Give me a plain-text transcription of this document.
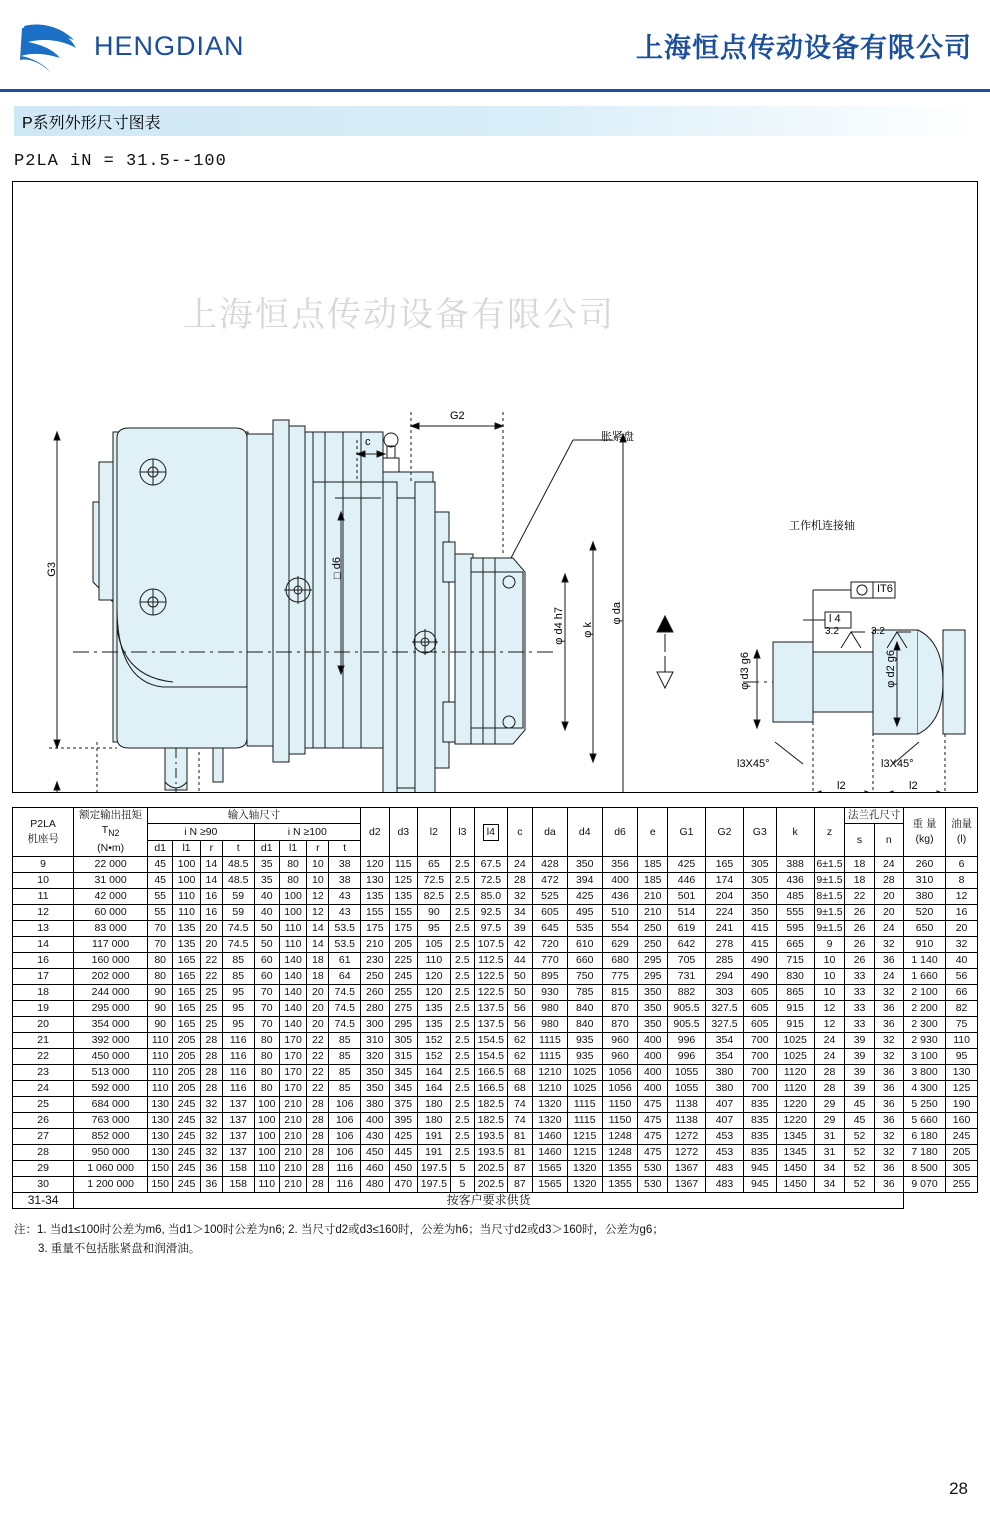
HENGDIAN	上海恒点传动设备有限公司
P系列外形尺寸图表
P2LA iN = 31.5--100
上海恒点传动设备有限公司
G2
c	胀紧盘
工作机连接轴
□d6
φ d4 h7 φ k
φ da
G3
IT6
l 4
φ d3 g6	φ d2 g6
l3X45°	l3X45°
l2	l2
3.2	3.2
P2LA
机座号

额定输出扭矩
$T_{N2}$
(N•m)
	输入轴尺寸	d2	d3	l2	l3	l4	c	da	d4	d6	e	G1	G2	G3	k	z	法兰孔尺寸	
重 量
(kg)

油量
(l)

		i N ≥90				i N ≥100																			s	n		
		d1	l1	r	t	d1	l1	r	t																			
9	22 000	45	100	14	48.5	35	80	10	38	120	115	65	2.5	67.5	24	428	350	356	185	425	165	305	388	6±1.5	18	24	260	6
10	31 000	45	100	14	48.5	35	80	10	38	130	125	72.5	2.5	72.5	28	472	394	400	185	446	174	305	436	9±1.5	18	28	310	8
11	42 000	55	110	16	59	40	100	12	43	135	135	82.5	2.5	85.0	32	525	425	436	210	501	204	350	485	8±1.5	22	20	380	12
12	60 000	55	110	16	59	40	100	12	43	155	155	90	2.5	92.5	34	605	495	510	210	514	224	350	555	9±1.5	26	20	520	16
13	83 000	70	135	20	74.5	50	110	14	53.5	175	175	95	2.5	97.5	39	645	535	554	250	619	241	415	595	9±1.5	26	24	650	20
14	117 000	70	135	20	74.5	50	110	14	53.5	210	205	105	2.5	107.5	42	720	610	629	250	642	278	415	665	9	26	32	910	32
16	160 000	80	165	22	85	60	140	18	61	230	225	110	2.5	112.5	44	770	660	680	295	705	285	490	715	10	26	36	1 140	40
17	202 000	80	165	22	85	60	140	18	64	250	245	120	2.5	122.5	50	895	750	775	295	731	294	490	830	10	33	24	1 660	56
18	244 000	90	165	25	95	70	140	20	74.5	260	255	120	2.5	122.5	50	930	785	815	350	882	303	605	865	10	33	32	2 100	66
19	295 000	90	165	25	95	70	140	20	74.5	280	275	135	2.5	137.5	56	980	840	870	350	905.5	327.5	605	915	12	33	36	2 200	82
20	354 000	90	165	25	95	70	140	20	74.5	300	295	135	2.5	137.5	56	980	840	870	350	905.5	327.5	605	915	12	33	36	2 300	75
21	392 000	110	205	28	116	80	170	22	85	310	305	152	2.5	154.5	62	1115	935	960	400	996	354	700	1025	24	39	32	2 930	110
22	450 000	110	205	28	116	80	170	22	85	320	315	152	2.5	154.5	62	1115	935	960	400	996	354	700	1025	24	39	32	3 100	95
23	513 000	110	205	28	116	80	170	22	85	350	345	164	2.5	166.5	68	1210	1025	1056	400	1055	380	700	1120	28	39	36	3 800	130
24	592 000	110	205	28	116	80	170	22	85	350	345	164	2.5	166.5	68	1210	1025	1056	400	1055	380	700	1120	28	39	36	4 300	125
25	684 000	130	245	32	137	100	210	28	106	380	375	180	2.5	182.5	74	1320	1115	1150	475	1138	407	835	1220	29	45	36	5 250	190
26	763 000	130	245	32	137	100	210	28	106	400	395	180	2.5	182.5	74	1320	1115	1150	475	1138	407	835	1220	29	45	36	5 660	160
27	852 000	130	245	32	137	100	210	28	106	430	425	191	2.5	193.5	81	1460	1215	1248	475	1272	453	835	1345	31	52	32	6 180	245
28	950 000	130	245	32	137	100	210	28	106	450	445	191	2.5	193.5	81	1460	1215	1248	475	1272	453	835	1345	31	52	32	7 180	205
29	1 060 000	150	245	36	158	110	210	28	116	460	450	197.5	5	202.5	87	1565	1320	1355	530	1367	483	945	1450	34	52	36	8 500	305
30	1 200 000	150	245	36	158	110	210	28	116	480	470	197.5	5	202.5	87	1565	1320	1355	530	1367	483	945	1450	34	52	36	9 070	255
31-34	按客户要求供货																											
注：1. 当d1≤100时公差为m6, 当d1＞100时公差为n6; 2. 当尺寸d2或d3≤160时，公差为h6；当尺寸d2或d3＞160时，公差为g6；
3. 重量不包括胀紧盘和润滑油。
28
